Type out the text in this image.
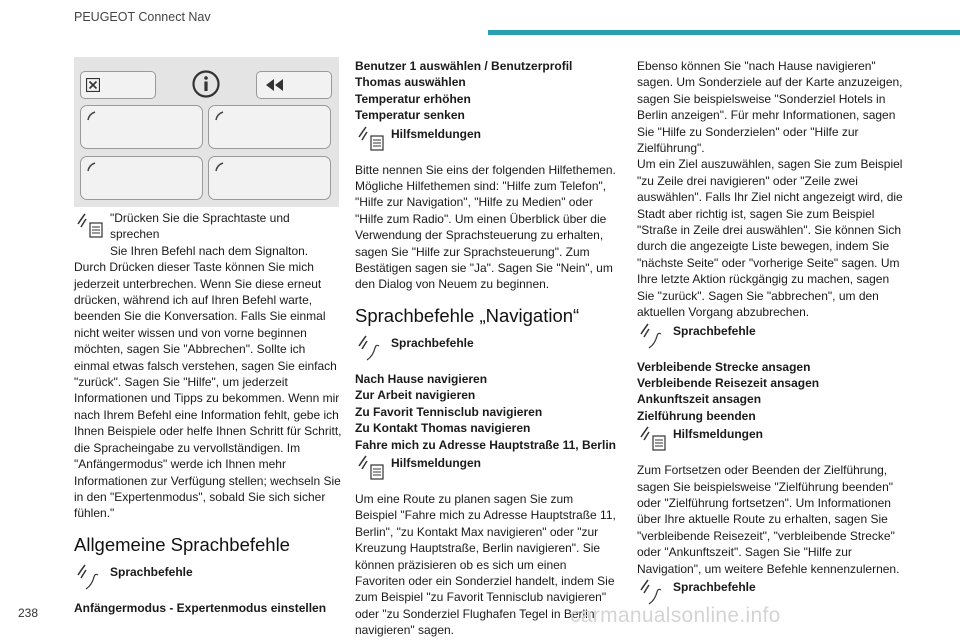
PEUGEOT Connect Nav

"Drücken Sie die Sprachtaste und sprechen

Sie Ihren Befehl nach dem Signalton. Durch Drücken dieser Taste können Sie mich jederzeit unterbrechen. Wenn Sie diese erneut drücken, während ich auf Ihren Befehl warte, beenden Sie die Konversation. Falls Sie einmal nicht weiter wissen und von vorne beginnen möchten, sagen Sie "Abbrechen". Sollte ich einmal etwas falsch verstehen, sagen Sie einfach "zurück". Sagen Sie "Hilfe", um jederzeit Informationen und Tipps zu bekommen. Wenn mir nach Ihrem Befehl eine Information fehlt, gebe ich Ihnen Beispiele oder helfe Ihnen Schritt für Schritt, die Spracheingabe zu vervollständigen. Im "Anfängermodus" werde ich Ihnen mehr Informationen zur Verfügung stellen; wechseln Sie in den "Expertenmodus", sobald Sie sich sicher fühlen."

Allgemeine Sprachbefehle
Sprachbefehle

Anfängermodus - Expertenmodus einstellen

Benutzer 1 auswählen / Benutzerprofil Thomas auswählen

Temperatur erhöhen

Temperatur senken

Hilfsmeldungen

Bitte nennen Sie eins der folgenden Hilfethemen. Mögliche Hilfethemen sind: "Hilfe zum Telefon", "Hilfe zur Navigation", "Hilfe zu Medien" oder "Hilfe zum Radio". Um einen Überblick über die Verwendung der Sprachsteuerung zu erhalten, sagen Sie "Hilfe zur Sprachsteuerung". Zum Bestätigen sagen sie "Ja". Sagen Sie "Nein", um den Dialog von Neuem zu beginnen.

Sprachbefehle „Navigation“
Sprachbefehle

Nach Hause navigieren

Zur Arbeit navigieren

Zu Favorit Tennisclub navigieren

Zu Kontakt Thomas navigieren

Fahre mich zu Adresse Hauptstraße 11, Berlin

Hilfsmeldungen

Um eine Route zu planen sagen Sie zum Beispiel "Fahre mich zu Adresse Hauptstraße 11, Berlin", "zu Kontakt Max navigieren" oder "zur Kreuzung Hauptstraße, Berlin navigieren". Sie können präzisieren ob es sich um einen Favoriten oder ein Sonderziel handelt, indem Sie zum Beispiel "zu Favorit Tennisclub navigieren" oder "zu Sonderziel Flughafen Tegel in Berlin navigieren" sagen.

Ebenso können Sie "nach Hause navigieren" sagen. Um Sonderziele auf der Karte anzuzeigen, sagen Sie beispielsweise "Sonderziel Hotels in Berlin anzeigen". Für mehr Informationen, sagen Sie "Hilfe zu Sonderzielen" oder "Hilfe zur Zielführung".

Um ein Ziel auszuwählen, sagen Sie zum Beispiel "zu Zeile drei navigieren" oder "Zeile zwei auswählen". Falls Ihr Ziel nicht angezeigt wird, die Stadt aber richtig ist, sagen Sie zum Beispiel "Straße in Zeile drei auswählen". Sie können Sich durch die angezeigte Liste bewegen, indem Sie "nächste Seite" oder "vorherige Seite" sagen. Um Ihre letzte Aktion rückgängig zu machen, sagen Sie "zurück". Sagen Sie "abbrechen", um den aktuellen Vorgang abzubrechen.

Sprachbefehle

Verbleibende Strecke ansagen

Verbleibende Reisezeit ansagen

Ankunftszeit ansagen

Zielführung beenden

Hilfsmeldungen

Zum Fortsetzen oder Beenden der Zielführung, sagen Sie beispielsweise "Zielführung beenden" oder "Zielführung fortsetzen". Um Informationen über Ihre aktuelle Route zu erhalten, sagen Sie "verbleibende Reisezeit", "verbleibende Strecke" oder "Ankunftszeit". Sagen Sie "Hilfe zur Navigation", um weitere Befehle kennenzulernen.

Sprachbefehle
238	carmanualsonline.info
